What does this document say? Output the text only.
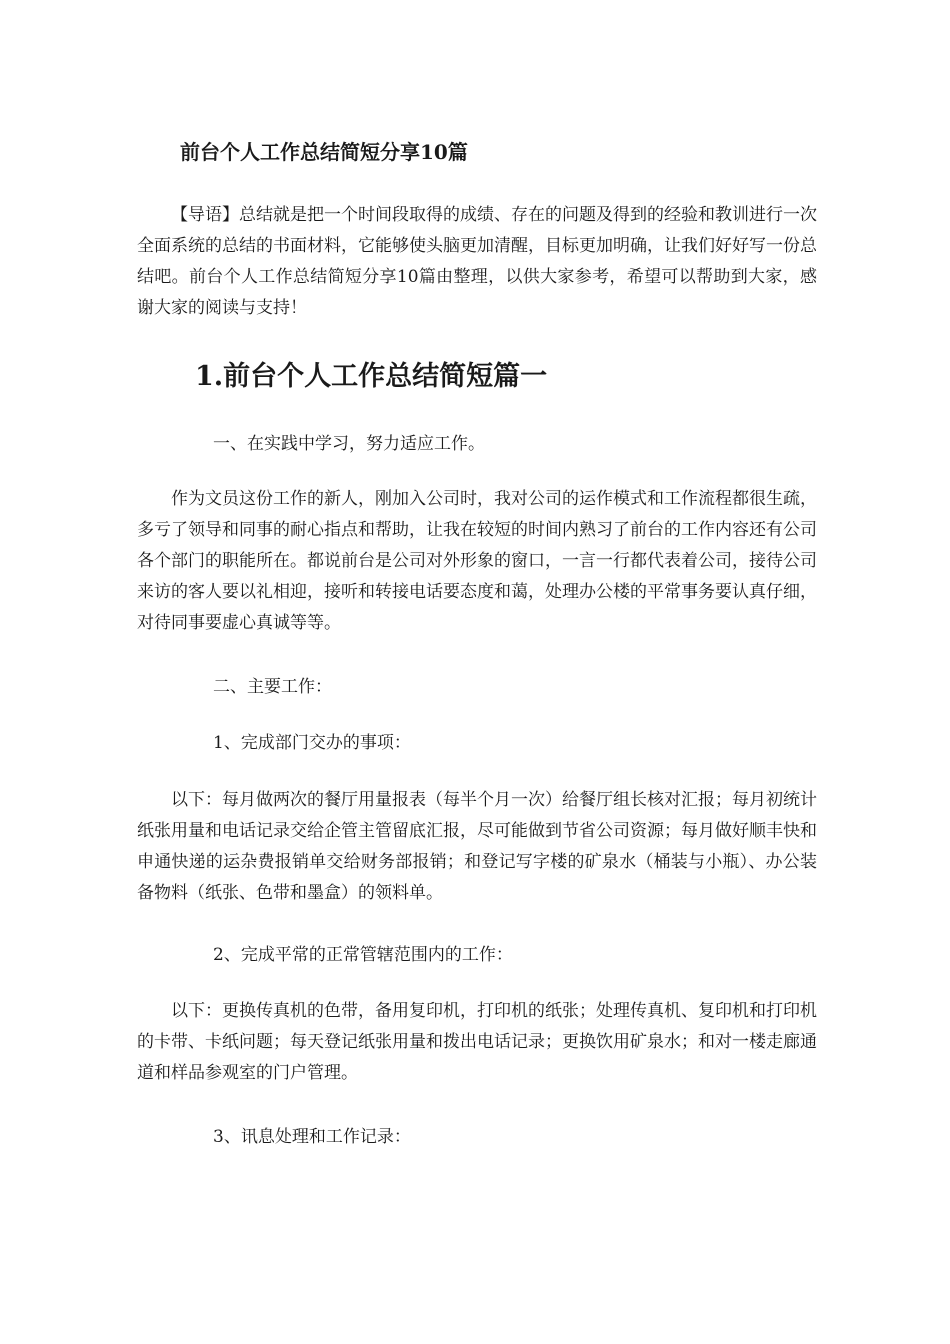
前台个人工作总结简短分享10篇

【导语】总结就是把一个时间段取得的成绩、存在的问题及得到的经验和教训进行一次全面系统的总结的书面材料，它能够使头脑更加清醒，目标更加明确，让我们好好写一份总结吧。前台个人工作总结简短分享10篇由整理，以供大家参考，希望可以帮助到大家，感谢大家的阅读与支持！

1.前台个人工作总结简短篇一

一、在实践中学习，努力适应工作。

作为文员这份工作的新人，刚加入公司时，我对公司的运作模式和工作流程都很生疏，多亏了领导和同事的耐心指点和帮助，让我在较短的时间内熟习了前台的工作内容还有公司各个部门的职能所在。都说前台是公司对外形象的窗口，一言一行都代表着公司，接待公司来访的客人要以礼相迎，接听和转接电话要态度和蔼，处理办公楼的平常事务要认真仔细，对待同事要虚心真诚等等。

二、主要工作：

1、完成部门交办的事项：

以下：每月做两次的餐厅用量报表（每半个月一次）给餐厅组长核对汇报；每月初统计纸张用量和电话记录交给企管主管留底汇报，尽可能做到节省公司资源；每月做好顺丰快和申通快递的运杂费报销单交给财务部报销；和登记写字楼的矿泉水（桶装与小瓶）、办公装备物料（纸张、色带和墨盒）的领料单。

2、完成平常的正常管辖范围内的工作：

以下：更换传真机的色带，备用复印机，打印机的纸张；处理传真机、复印机和打印机的卡带、卡纸问题；每天登记纸张用量和拨出电话记录；更换饮用矿泉水；和对一楼走廊通道和样品参观室的门户管理。

3、讯息处理和工作记录：
